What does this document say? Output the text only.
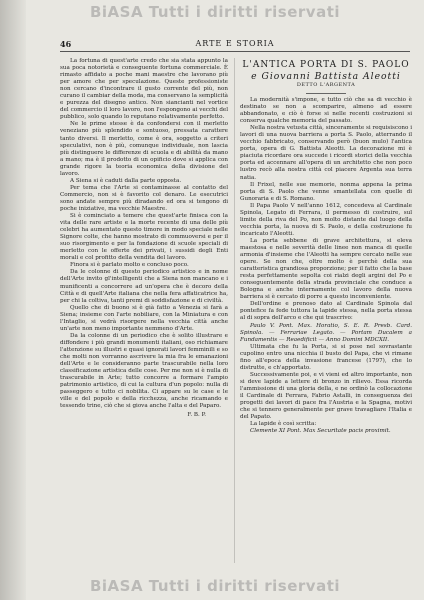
BiASA Tutti i diritti riservati
46	ARTE E STORIA

La fortuna di quest'arte credo che sia stata appunto la sua poca notorietà e conseguente fortuna commerciale. È rimasto affidato a poche mani maestre che lavorano più per amore che per speculazione. Queste professioniste non cercano d'incontrare il gusto corrente del più, non curano il cambiar della moda, ma conservano la semplicità e purezza del disegno antico. Non siancianti nel vortice del commercio il loro lavoro, non l'espongono ai vecchi del pubblico, solo quando lo reputano relativamente perfetto.

Ne le prime stesse è da confondersi con il merletto veneziano più splendido e sontuoso, pressata carattere tanto diversi. Il merletto, come è ora, soggetto a criteri speculativi, non è più, comunque individuale, non lascia più distinguere le differenze di scuola e di abilità da mano a mano; ma è il prodotto di un opificio dove si applica con grande rigore la teoria economica della divisione del lavoro.

A Siena si è caduti dalla parte opposta.

Per tema che l'Arte si contaminasse al contatto del Commercio, non si è favorito col denaro. Le esecutrici sono andate sempre più diradando ed ora si tengono di poche iniziative, ma vecchie Maestre.

Si è cominciato a temere che quest'arte finisca con la vita delle rare artiste e la morte recente di una delle più celebri ha aumentato questo timore in modo speciale nelle Signore colte, che hanno mostrato di commuoversi e per il suo risorgimento e per la fondazione di scuole speciali di merletto con le offerte dei privati, i sussidi degli Enti morali e col profitto della vendita del lavoro.

Finora si è parlato molto e concluso poco.

Da le colonne di questo periodico artistico e in nome dell'Arte invito gl'intelligenti che a Siena non mancano e i munificenti a concorrere ad un'opera che è decoro della Città e di quell'Arte italiana che nella fera affaticatrice ha, per chi la coltiva, tanti premi di soddisfazione e di civiltà.

Quello che di buono si è già fatto a Venezia si farà a Siena; insieme con l'arte nobiliare, con la Miniatura e con l'Intaglio, si vedrà risorgere nella vecchia città anche un'arte non meno importante nemmeno d'Arte.

Da la colonne di un periodico che è solito illustrare e diffondere i più grandi monumenti italiani, oso richiamare l'attenzione su illustri e quasi ignorati lavori femminili e so che molti non vorranno ascrivere la mia fra le emanazioni dell'Arte e le consideranno parte trascurabile nella loro classificazione artistica delle cose. Per me non si è nulla di trascurabile in Arte; tutto concorre a formare l'ampio patrimonio artistico, di cui la cultura d'un popolo: nulla di passeggero e tutto ci nobilita. Ci appare su le case e le ville e del popolo e della ricchezza, anche ricamando e tessendo trine, ciò che si giova anche l'alta e del Paparo.

F. B. P.
L'ANTICA PORTA DI S. PAOLO
e Giovanni Battista Aleotti
DETTO L'ARGENTA

La modernità s'impone, e tutto ciò che sa di vecchio è destinato se non a scomparire, almeno ad essere abbandonato, e ciò è forse si nelle recenti costruzioni si conserva qualche memoria del passato.

Nella nostra vetusta città, sinceramente si requisiscono i lavori di una nuova barriera a porta S. Paolo, atterrando il vecchio fabbricato, conservando però (buon mulo) l'antica porta, opera di G. Battista Aleotti. La decorazione mi è piaciuta ricordare ora succede i ricordi storici della vecchia porta ed accennare all'opera di un architetto che non poco lustro recò alla nostra città col piacere Argenta sua terra natia.

Il Frixel, nelle sue memorie, nonma appena la prima porta di S. Paolo che venne smantellata con quelle di Gunoraria e di S. Romano.

Il Papa Paolo V nell'anno 1612, concedeva al Cardinale Spinola, Legato di Ferrara, il permesso di costruire, sul limite della riva del Po, non molto distante dal luogo della vecchia porta, la nuova di S. Paolo, e della costruzione fu incaricato l'Aleotti.

La porta sebbene di grave architettura, si eleva maestosa e nelle severità delle linee non manca di quelle armonia d'insieme che l'Aleotti ha sempre cercato nelle sue opere. Se non che, oltre molto è perchè della sua caratteristica grandiosa proporzione; per il fatto che la base resta perfettamente sepolta coi rialzi degli argini del Po e conseguentemente della strada provinciale che conduce a Bologna e anche internamente col lavoro della nuova barriera si è cercato di porre a questo inconveniente.

Dell'ordine e prenoso dato al Cardinale Spinola dal pontefice fa fede tuttora la lapide stessa, nella porta stessa al di sopra dell'arco e che qui trascrivo:

Paulo V. Pont. Max. Horatio, S. E. R. Presb. Card. Spinola. — Ferrariae Legato. — Portam Ducalem a Fundamentis — Reaedificit — Anno Domini MDCXII.

Ultimata che fu la Porta, si si pose nel sovrastante cupolino entro una nicchia il busto del Papa, che vi rimane fino all'epoca della invasione francese (1797), che lo distrutte, e ch'apportato.

Successivamente poi, e vi vieni ed altro importante, non si deve lapide a lettere di bronzo in rilievo. Essa ricorda l'ammissione di una gloria della, e ne ordinò la collocazione il Cardinale di Ferrara, Fabrio Astalli, in conseguenza dei progetti dei lavori di pace fra l'Austria e la Spagna, motivi che si tennero generalmente per grave travagliare l'Italia e del Papato.

La lapide è così scritta:

Clemente XI Pont. Max Securitate pacis proximit.

BiASA Tutti i diritti riservati
